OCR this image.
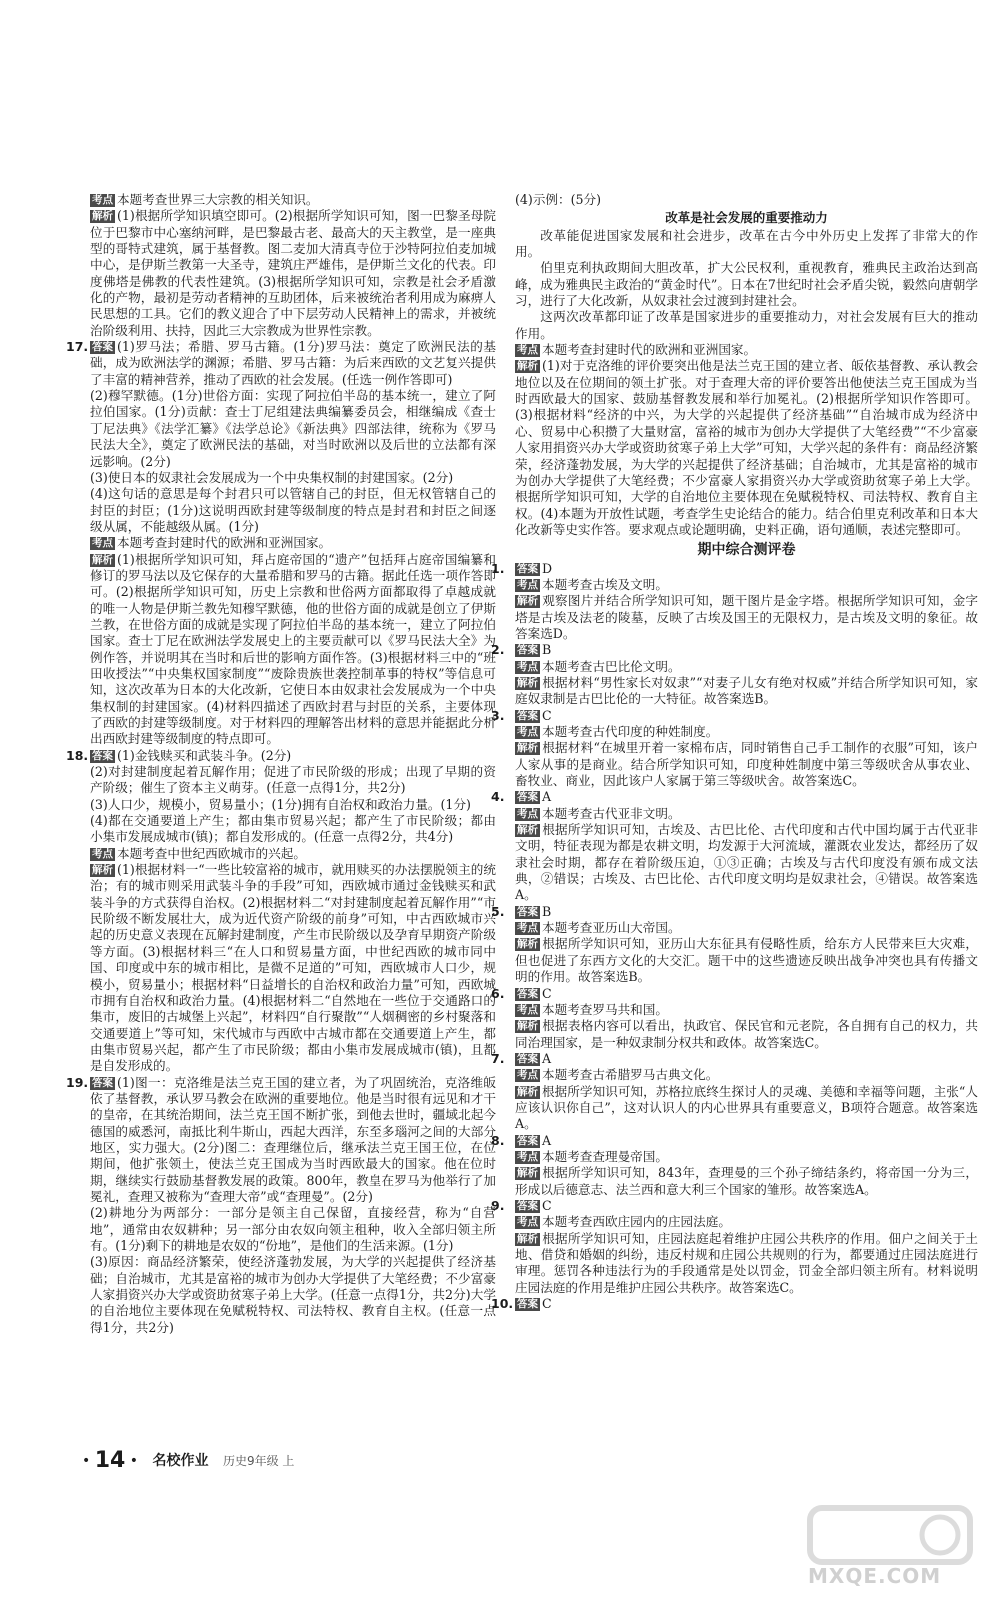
考点 本题考查世界三大宗教的相关知识。

解析 (1)根据所学知识填空即可。(2)根据所学知识可知，图一巴黎圣母院位于巴黎市中心塞纳河畔，是巴黎最古老、最高大的天主教堂，是一座典型的哥特式建筑，属于基督教。图二麦加大清真寺位于沙特阿拉伯麦加城中心，是伊斯兰教第一大圣寺，建筑庄严雄伟，是伊斯兰文化的代表。印度佛塔是佛教的代表性建筑。(3)根据所学知识可知，宗教是社会矛盾激化的产物，最初是劳动者精神的互助团体，后来被统治者利用成为麻痹人民思想的工具。它们的教义迎合了中下层劳动人民精神上的需求，并被统治阶级利用、扶持，因此三大宗教成为世界性宗教。

17. 答案 (1)罗马法；希腊、罗马古籍。(1分)罗马法：奠定了欧洲民法的基础，成为欧洲法学的渊源；希腊、罗马古籍：为后来西欧的文艺复兴提供了丰富的精神营养，推动了西欧的社会发展。(任选一例作答即可)

(2)穆罕默德。(1分)世俗方面：实现了阿拉伯半岛的基本统一，建立了阿拉伯国家。(1分)贡献：查士丁尼组建法典编纂委员会，相继编成《查士丁尼法典》《法学汇纂》《法学总论》《新法典》四部法律，统称为《罗马民法大全》，奠定了欧洲民法的基础，对当时欧洲以及后世的立法都有深远影响。(2分)

(3)使日本的奴隶社会发展成为一个中央集权制的封建国家。(2分)

(4)这句话的意思是每个封君只可以管辖自己的封臣，但无权管辖自己的封臣的封臣；(1分)这说明西欧封建等级制度的特点是封君和封臣之间逐级从属，不能越级从属。(1分)

考点 本题考查封建时代的欧洲和亚洲国家。

解析 (1)根据所学知识可知，拜占庭帝国的“遗产”包括拜占庭帝国编纂和修订的罗马法以及它保存的大量希腊和罗马的古籍。据此任选一项作答即可。(2)根据所学知识可知，历史上宗教和世俗两方面都取得了卓越成就的唯一人物是伊斯兰教先知穆罕默德，他的世俗方面的成就是创立了伊斯兰教，在世俗方面的成就是实现了阿拉伯半岛的基本统一，建立了阿拉伯国家。查士丁尼在欧洲法学发展史上的主要贡献可以《罗马民法大全》为例作答，并说明其在当时和后世的影响方面作答。(3)根据材料三中的“班田收授法”“中央集权国家制度”“废除贵族世袭控制革事的特权”等信息可知，这次改革为日本的大化改新，它使日本由奴隶社会发展成为一个中央集权制的封建国家。(4)材料四描述了西欧封君与封臣的关系，主要体现了西欧的封建等级制度。对于材料四的理解答出材料的意思并能据此分析出西欧封建等级制度的特点即可。

18. 答案 (1)金钱赎买和武装斗争。(2分)

(2)对封建制度起着瓦解作用；促进了市民阶级的形成；出现了早期的资产阶级；催生了资本主义萌芽。(任意一点得1分，共2分)

(3)人口少，规模小，贸易量小；(1分)拥有自治权和政治力量。(1分)

(4)都在交通要道上产生；都由集市贸易兴起；都产生了市民阶级；都由小集市发展成城市(镇)；都自发形成的。(任意一点得2分，共4分)

考点 本题考查中世纪西欧城市的兴起。

解析 (1)根据材料一“一些比较富裕的城市，就用赎买的办法摆脱领主的统治；有的城市则采用武装斗争的手段”可知，西欧城市通过金钱赎买和武装斗争的方式获得自治权。(2)根据材料二“对封建制度起着瓦解作用”“市民阶级不断发展壮大，成为近代资产阶级的前身”可知，中古西欧城市兴起的历史意义表现在瓦解封建制度，产生市民阶级以及孕育早期资产阶级等方面。(3)根据材料三“在人口和贸易量方面，中世纪西欧的城市同中国、印度或中东的城市相比，是微不足道的”可知，西欧城市人口少，规模小，贸易量小；根据材料“日益增长的自治权和政治力量”可知，西欧城市拥有自治权和政治力量。(4)根据材料二“自然地在一些位于交通路口的集市，废旧的古城堡上兴起”，材料四“自行聚散”“人烟稠密的乡村聚落和交通要道上”等可知，宋代城市与西欧中古城市都在交通要道上产生，都由集市贸易兴起，都产生了市民阶级；都由小集市发展成城市(镇)，且都是自发形成的。

19. 答案 (1)图一：克洛维是法兰克王国的建立者，为了巩固统治，克洛维皈依了基督教，承认罗马教会在欧洲的重要地位。他是当时很有远见和才干的皇帝，在其统治期间，法兰克王国不断扩张，到他去世时，疆域北起今德国的威悉河，南抵比利牛斯山，西起大西洋，东至多瑙河之间的大部分地区，实力强大。(2分)图二：查理继位后，继承法兰克王国王位，在位期间，他扩张领土，使法兰克王国成为当时西欧最大的国家。他在位时期，继续实行鼓励基督教发展的政策。800年，教皇在罗马为他举行了加冕礼，查理又被称为“查理大帝”或“查理曼”。(2分)

(2)耕地分为两部分：一部分是领主自己保留，直接经营，称为“自营地”，通常由农奴耕种；另一部分由农奴向领主租种，收入全部归领主所有。(1分)剩下的耕地是农奴的“份地”，是他们的生活来源。(1分)

(3)原因：商品经济繁荣，使经济蓬勃发展，为大学的兴起提供了经济基础；自治城市，尤其是富裕的城市为创办大学提供了大笔经费；不少富豪人家捐资兴办大学或资助贫寒子弟上大学。(任意一点得1分，共2分)大学的自治地位主要体现在免赋税特权、司法特权、教育自主权。(任意一点得1分，共2分)

(4)示例：(5分)

改革是社会发展的重要推动力

改革能促进国家发展和社会进步，改革在古今中外历史上发挥了非常大的作用。

伯里克利执政期间大胆改革，扩大公民权利，重视教育，雅典民主政治达到高峰，成为雅典民主政治的“黄金时代”。日本在7世纪时社会矛盾尖锐，毅然向唐朝学习，进行了大化改新，从奴隶社会过渡到封建社会。

这两次改革都印证了改革是国家进步的重要推动力，对社会发展有巨大的推动作用。

考点 本题考查封建时代的欧洲和亚洲国家。

解析 (1)对于克洛维的评价要突出他是法兰克王国的建立者、皈依基督教、承认教会地位以及在位期间的领土扩张。对于查理大帝的评价要答出他使法兰克王国成为当时西欧最大的国家、鼓励基督教发展和举行加冕礼。(2)根据所学知识作答即可。(3)根据材料“经济的中兴，为大学的兴起提供了经济基础”“自治城市成为经济中心、贸易中心积攒了大量财富，富裕的城市为创办大学提供了大笔经费”“不少富豪人家用捐资兴办大学或资助贫寒子弟上大学”可知，大学兴起的条件有：商品经济繁荣，经济蓬勃发展，为大学的兴起提供了经济基础；自治城市，尤其是富裕的城市为创办大学提供了大笔经费；不少富豪人家捐资兴办大学或资助贫寒子弟上大学。根据所学知识可知，大学的自治地位主要体现在免赋税特权、司法特权、教育自主权。(4)本题为开放性试题，考查学生史论结合的能力。结合伯里克利改革和日本大化改新等史实作答。要求观点或论题明确，史料正确，语句通顺，表述完整即可。

期中综合测评卷

1. 答案 D

考点 本题考查古埃及文明。

解析 观察图片并结合所学知识可知，题干图片是金字塔。根据所学知识可知，金字塔是古埃及法老的陵墓，反映了古埃及国王的无限权力，是古埃及文明的象征。故答案选D。

2. 答案 B

考点 本题考查古巴比伦文明。

解析 根据材料“男性家长对奴隶”“对妻子儿女有绝对权威”并结合所学知识可知，家庭奴隶制是古巴比伦的一大特征。故答案选B。

3. 答案 C

考点 本题考查古代印度的种姓制度。

解析 根据材料“在城里开着一家棉布店，同时销售自己手工制作的衣服”可知，该户人家从事的是商业。结合所学知识可知，印度种姓制度中第三等级吠舍从事农业、畜牧业、商业，因此该户人家属于第三等级吠舍。故答案选C。

4. 答案 A

考点 本题考查古代亚非文明。

解析 根据所学知识可知，古埃及、古巴比伦、古代印度和古代中国均属于古代亚非文明，特征表现为都是农耕文明，均发源于大河流域，灌溉农业发达，都经历了奴隶社会时期，都存在着阶级压迫，①③正确；古埃及与古代印度没有颁布成文法典，②错误；古埃及、古巴比伦、古代印度文明均是奴隶社会，④错误。故答案选A。

5. 答案 B

考点 本题考查亚历山大帝国。

解析 根据所学知识可知，亚历山大东征具有侵略性质，给东方人民带来巨大灾难，但也促进了东西方文化的大交汇。题干中的这些遗迹反映出战争冲突也具有传播文明的作用。故答案选B。

6. 答案 C

考点 本题考查罗马共和国。

解析 根据表格内容可以看出，执政官、保民官和元老院，各自拥有自己的权力，共同治理国家，是一种奴隶制分权共和政体。故答案选C。

7. 答案 A

考点 本题考查古希腊罗马古典文化。

解析 根据所学知识可知，苏格拉底终生探讨人的灵魂、美德和幸福等问题，主张“人应该认识你自己”，这对认识人的内心世界具有重要意义，B项符合题意。故答案选A。

8. 答案 A

考点 本题考查查理曼帝国。

解析 根据所学知识可知，843年，查理曼的三个孙子缔结条约，将帝国一分为三，形成以后德意志、法兰西和意大利三个国家的雏形。故答案选A。

9. 答案 C

考点 本题考查西欧庄园内的庄园法庭。

解析 根据所学知识可知，庄园法庭起着维护庄园公共秩序的作用。佃户之间关于土地、借贷和婚姻的纠纷，违反村规和庄园公共规则的行为，都要通过庄园法庭进行审理。惩罚各种违法行为的手段通常是处以罚金，罚金全部归领主所有。材料说明庄园法庭的作用是维护庄园公共秩序。故答案选C。

10. 答案 C

• 14 • 名校作业 历史9年级 上
MXQE.COM
